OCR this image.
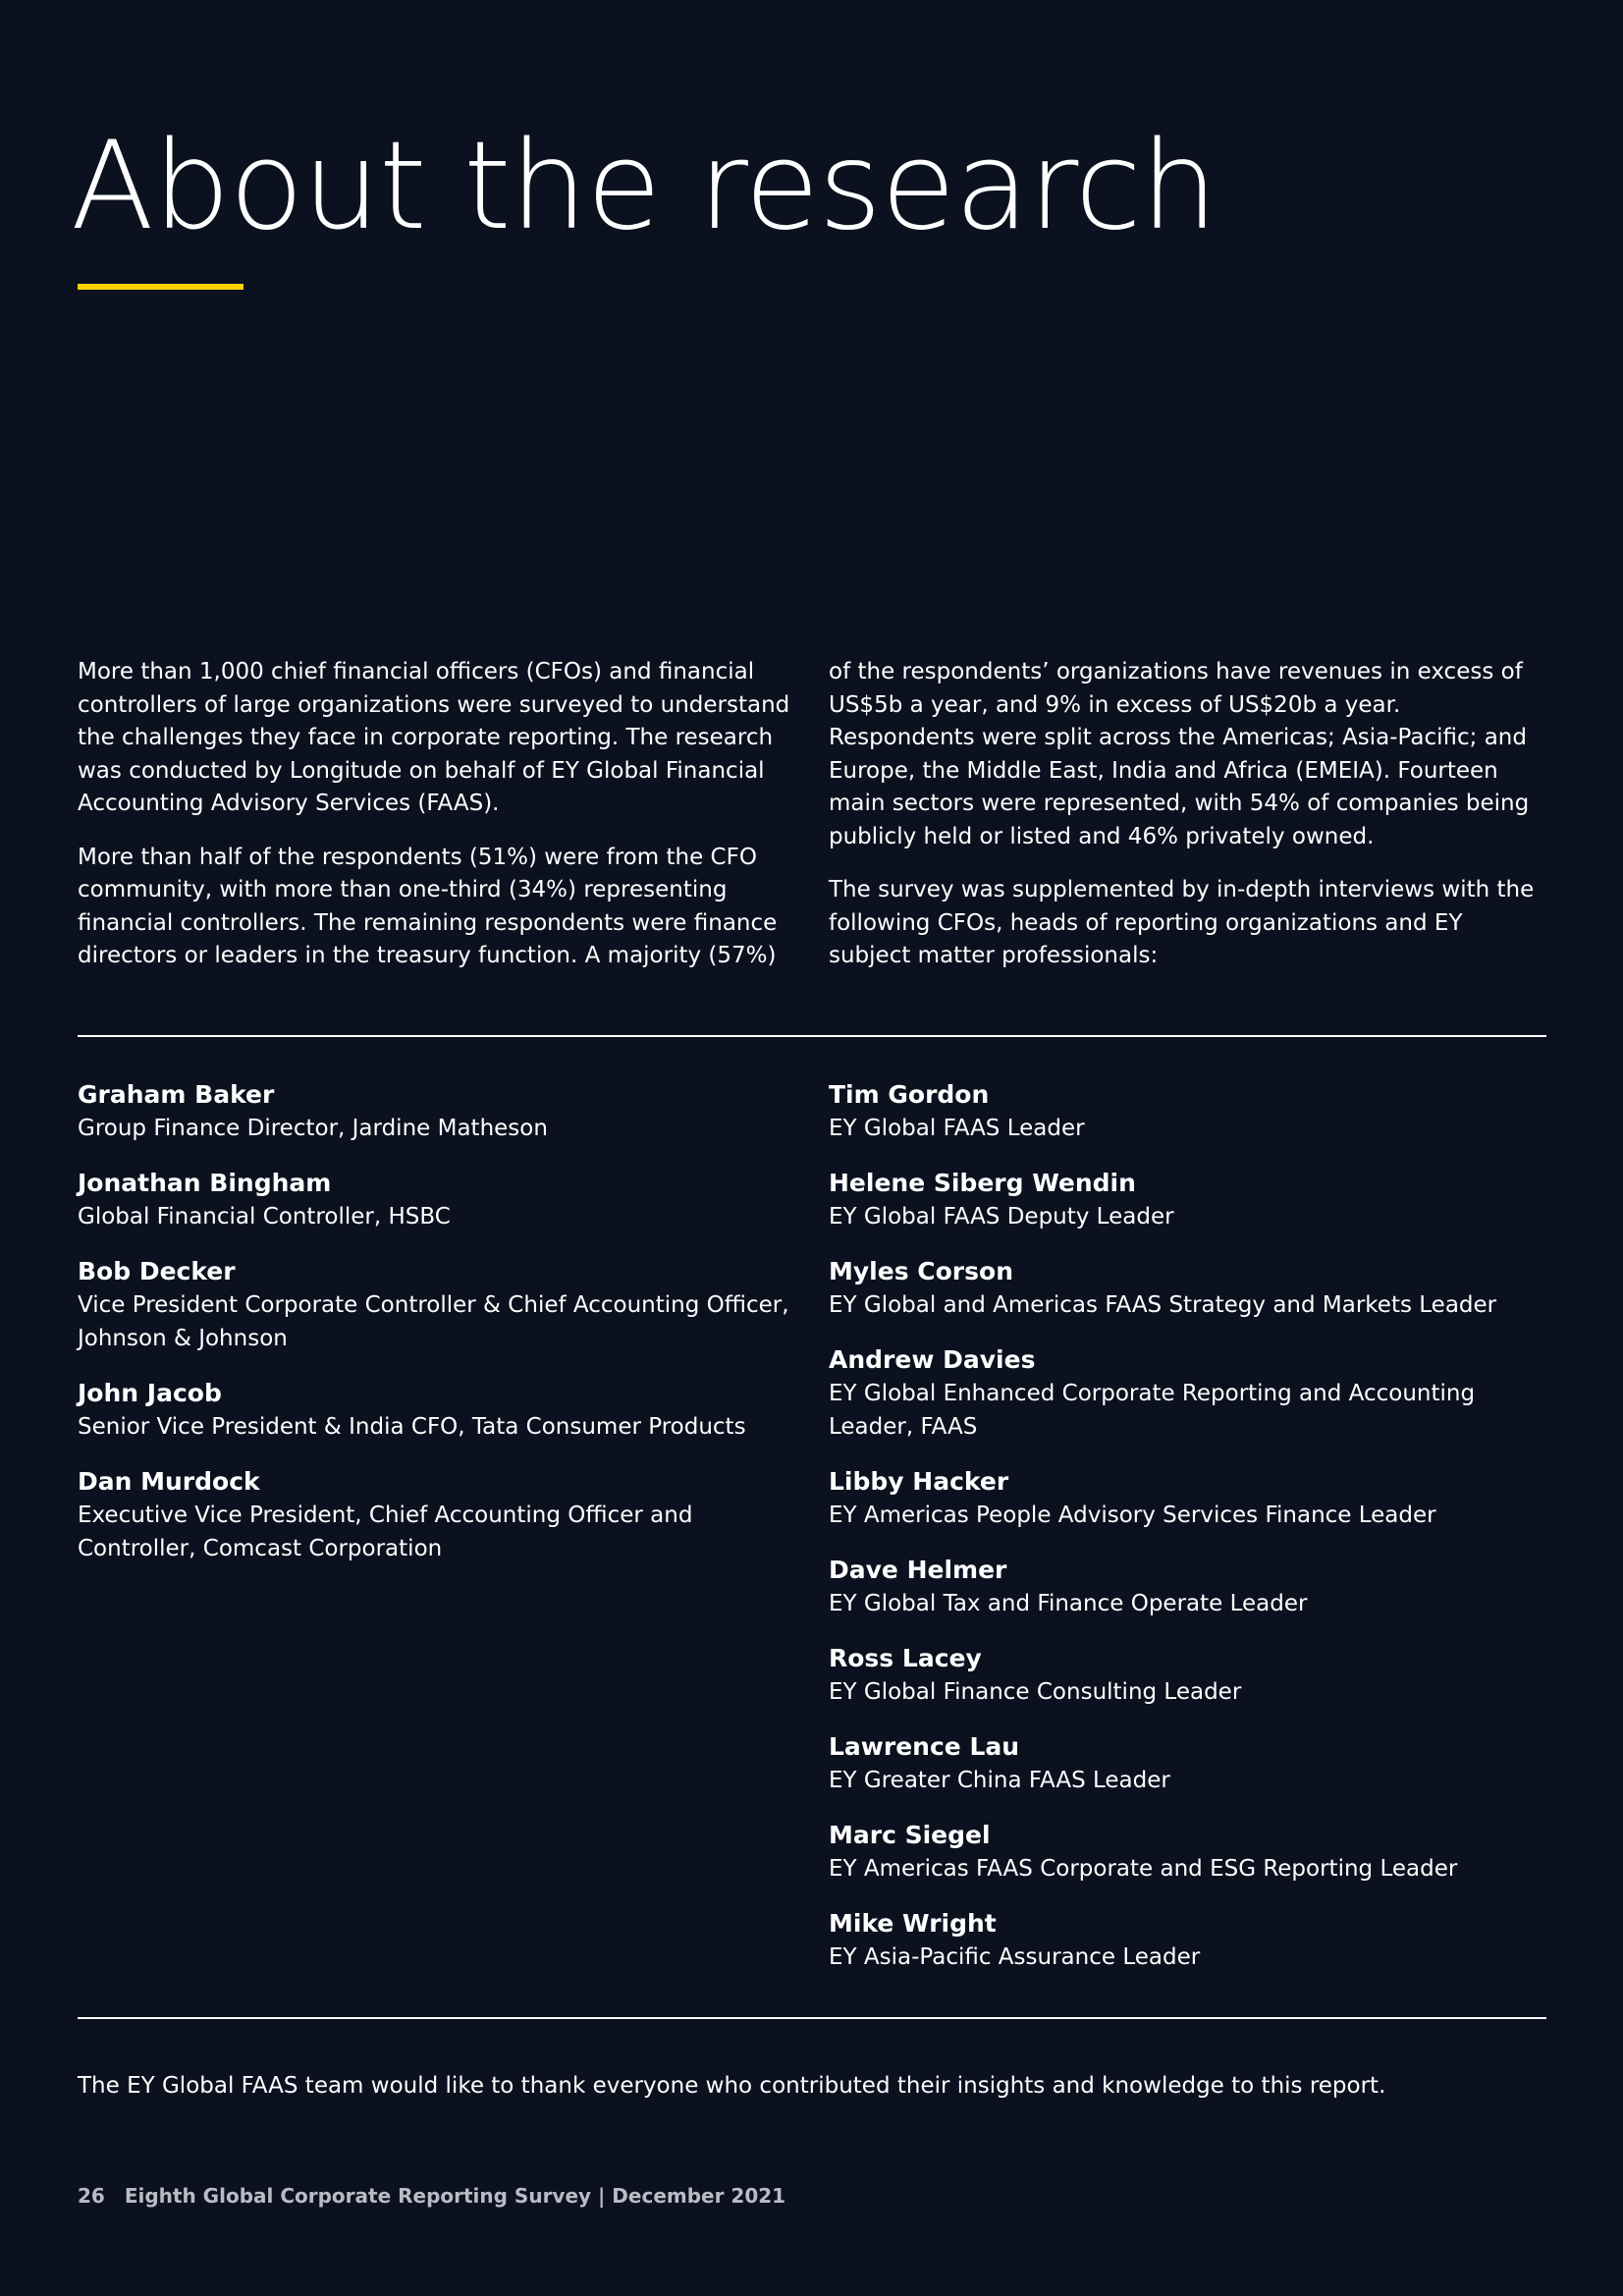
About the research

More than 1,000 chief financial officers (CFOs) and financial controllers of large organizations were surveyed to understand the challenges they face in corporate reporting. The research was conducted by Longitude on behalf of EY Global Financial Accounting Advisory Services (FAAS).

More than half of the respondents (51%) were from the CFO community, with more than one-third (34%) representing financial controllers. The remaining respondents were finance directors or leaders in the treasury function. A majority (57%)

of the respondents’ organizations have revenues in excess of US$5b a year, and 9% in excess of US$20b a year. Respondents were split across the Americas; Asia-Pacific; and Europe, the Middle East, India and Africa (EMEIA). Fourteen main sectors were represented, with 54% of companies being publicly held or listed and 46% privately owned.

The survey was supplemented by in-depth interviews with the following CFOs, heads of reporting organizations and EY subject matter professionals:

Graham Baker
Group Finance Director, Jardine Matheson
Jonathan Bingham
Global Financial Controller, HSBC
Bob Decker
Vice President Corporate Controller & Chief Accounting Officer, Johnson & Johnson
John Jacob
Senior Vice President & India CFO, Tata Consumer Products
Dan Murdock
Executive Vice President, Chief Accounting Officer and Controller, Comcast Corporation
Tim Gordon
EY Global FAAS Leader
Helene Siberg Wendin
EY Global FAAS Deputy Leader
Myles Corson
EY Global and Americas FAAS Strategy and Markets Leader
Andrew Davies
EY Global Enhanced Corporate Reporting and Accounting Leader, FAAS
Libby Hacker
EY Americas People Advisory Services Finance Leader
Dave Helmer
EY Global Tax and Finance Operate Leader
Ross Lacey
EY Global Finance Consulting Leader
Lawrence Lau
EY Greater China FAAS Leader
Marc Siegel
EY Americas FAAS Corporate and ESG Reporting Leader
Mike Wright
EY Asia-Pacific Assurance Leader

The EY Global FAAS team would like to thank everyone who contributed their insights and knowledge to this report.

26 Eighth Global Corporate Reporting Survey | December 2021
